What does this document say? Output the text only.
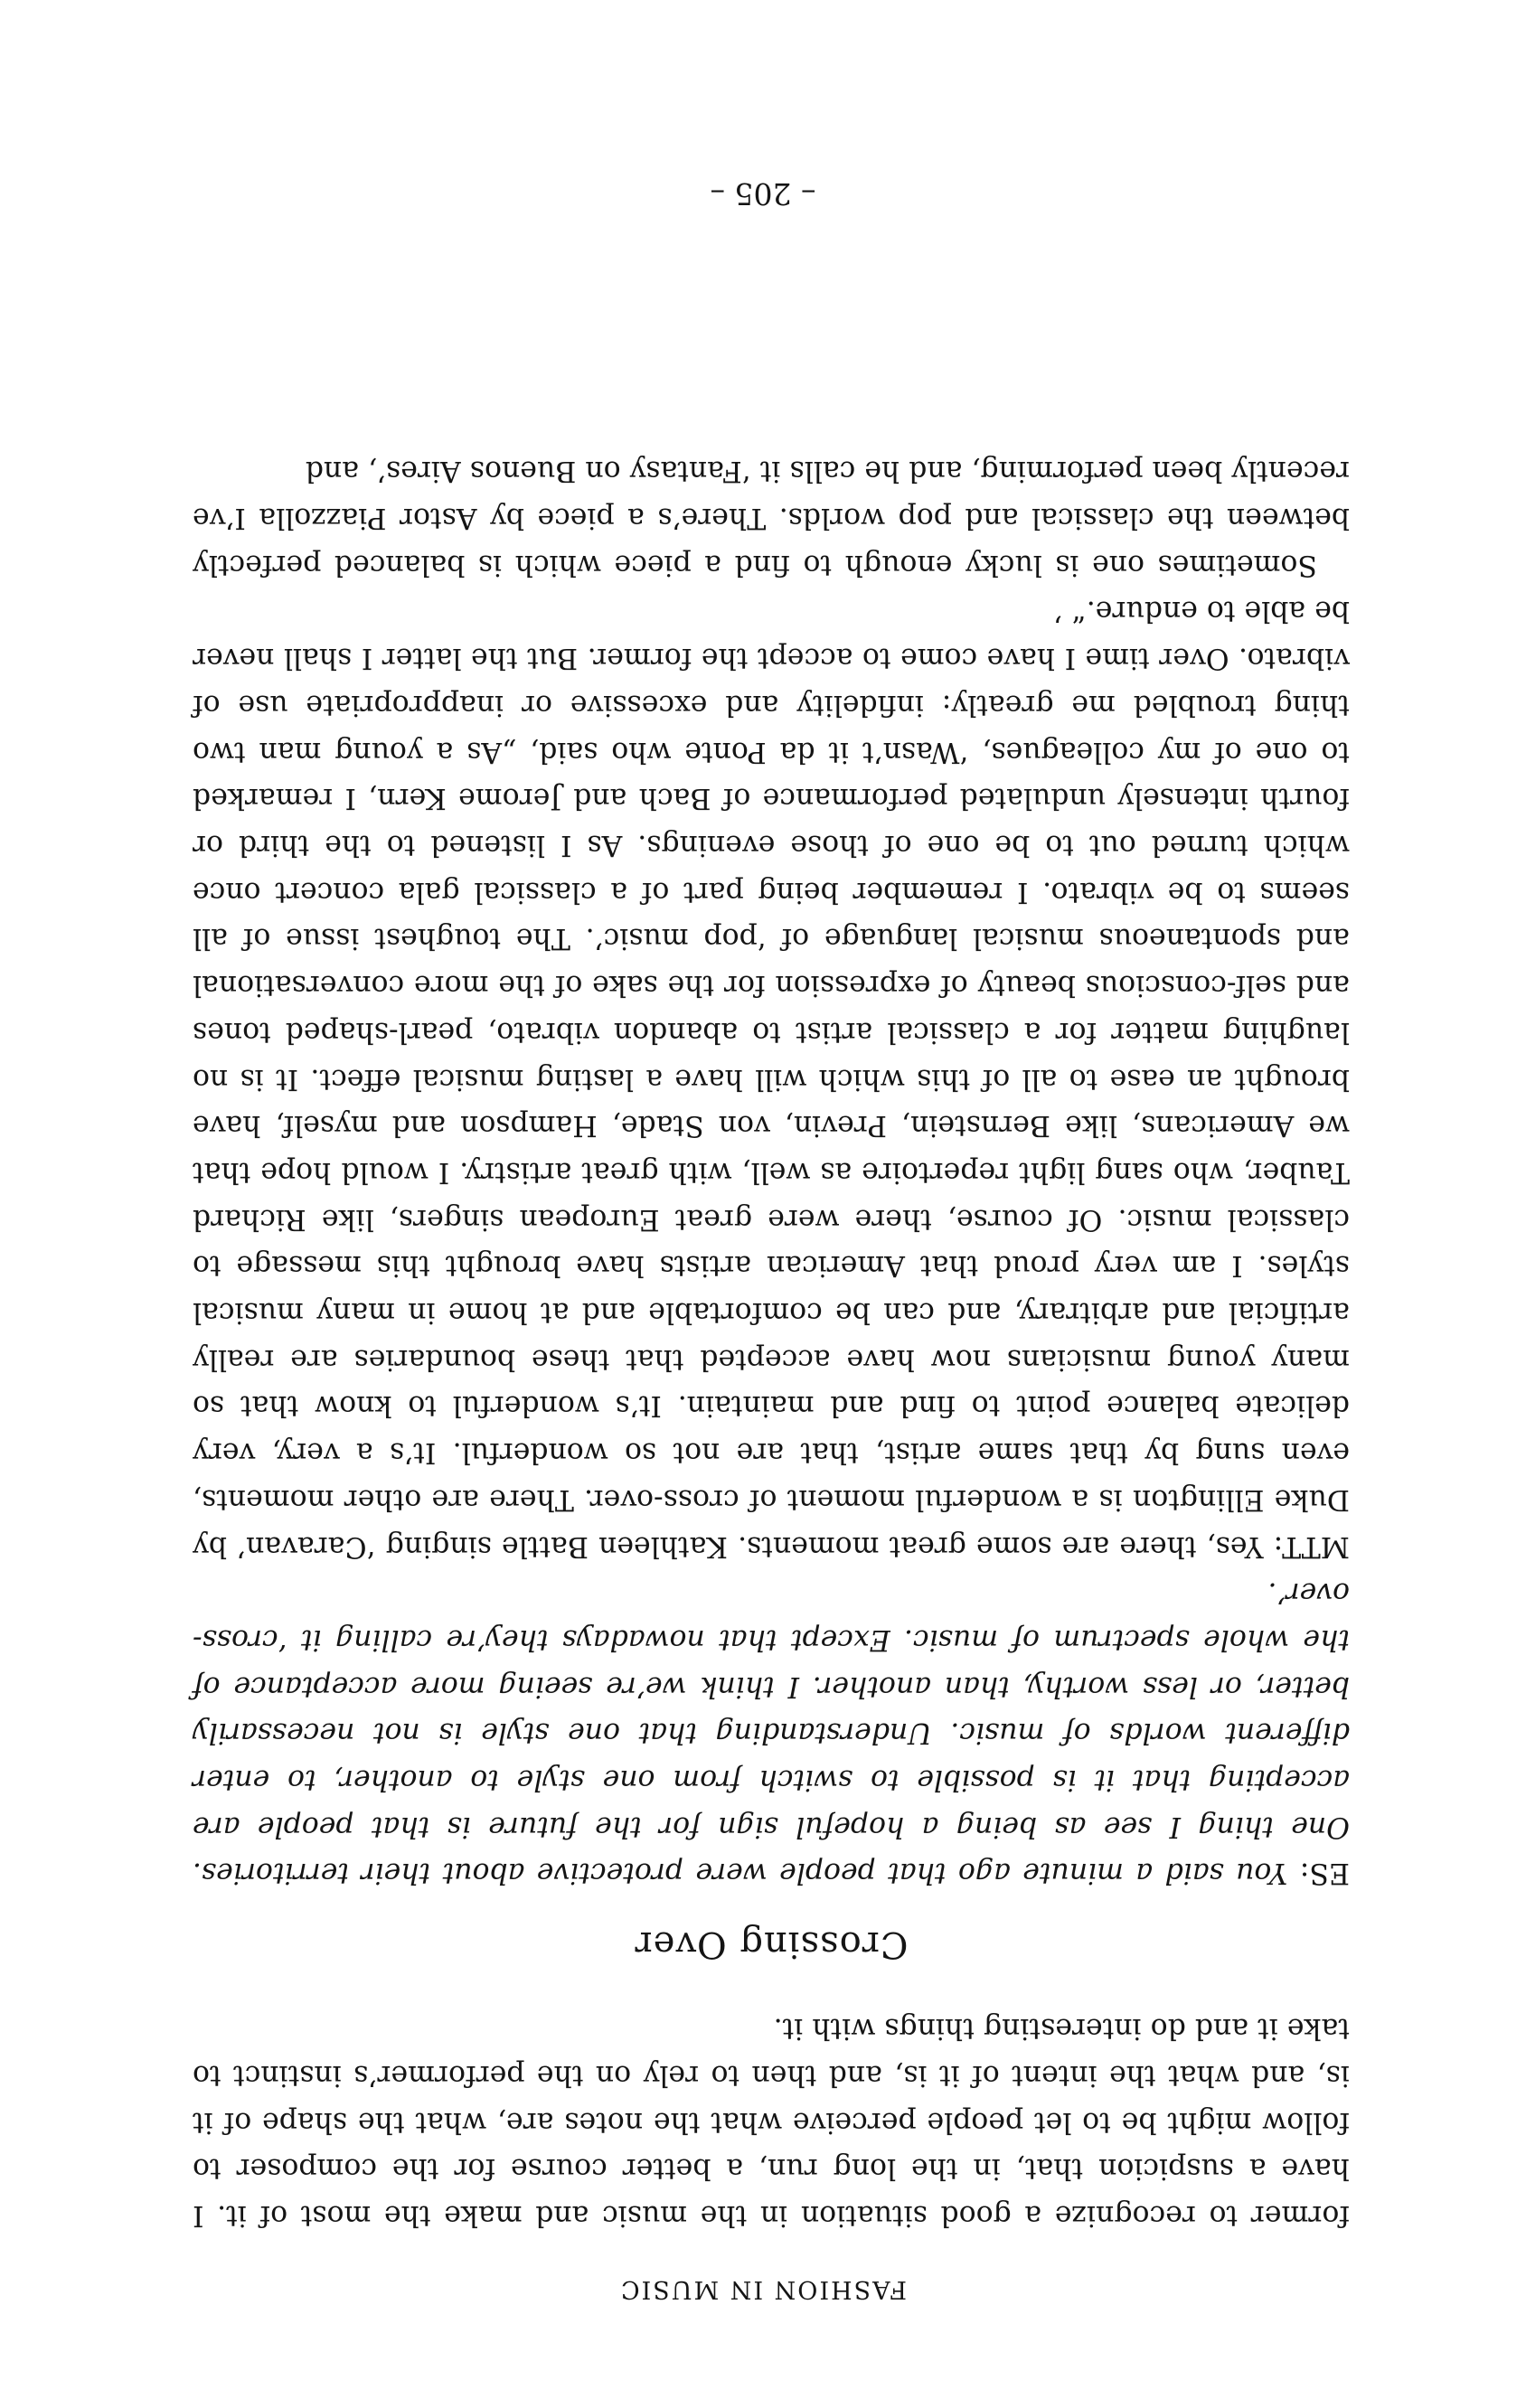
FASHION IN MUSIC

former to recognize a good situation in the music and make the most of it. I have a suspicion that, in the long run, a better course for the composer to follow might be to let people perceive what the notes are, what the shape of it is, and what the intent of it is, and then to rely on the performer’s instinct to take it and do interesting things with it.

Crossing Over

ES: You said a minute ago that people were protective about their territories. One thing I see as being a hopeful sign for the future is that people are accepting that it is possible to switch from one style to another, to enter different worlds of music. Understanding that one style is not necessarily better, or less worthy, than another. I think we’re seeing more acceptance of the whole spectrum of music. Except that nowadays they’re calling it ‘cross-over’.

MTT: Yes, there are some great moments. Kathleen Battle singing ‘Caravan’ by Duke Ellington is a wonderful moment of cross-over. There are other moments, even sung by that same artist, that are not so wonderful. It’s a very, very delicate balance point to find and maintain. It’s wonderful to know that so many young musicians now have accepted that these boundaries are really artificial and arbitrary, and can be comfortable and at home in many musical styles. I am very proud that American artists have brought this message to classical music. Of course, there were great European singers, like Richard Tauber, who sang light repertoire as well, with great artistry. I would hope that we Americans, like Bernstein, Previn, von Stade, Hampson and myself, have brought an ease to all of this which will have a lasting musical effect. It is no laughing matter for a classical artist to abandon vibrato, pearl-shaped tones and self-conscious beauty of expression for the sake of the more conversational and spontaneous musical language of ‘pop music’. The toughest issue of all seems to be vibrato. I remember being part of a classical gala concert once which turned out to be one of those evenings. As I listened to the third or fourth intensely undulated performance of Bach and Jerome Kern, I remarked to one of my colleagues, ‘Wasn’t it da Ponte who said, „As a young man two thing troubled me greatly: infidelity and excessive or inappropriate use of vibrato. Over time I have come to accept the former. But the latter I shall never be able to endure.“ ’

Sometimes one is lucky enough to find a piece which is balanced perfectly between the classical and pop worlds. There’s a piece by Astor Piazzolla I’ve recently been performing, and he calls it ‘Fantasy on Buenos Aires’, and

– 205 –
